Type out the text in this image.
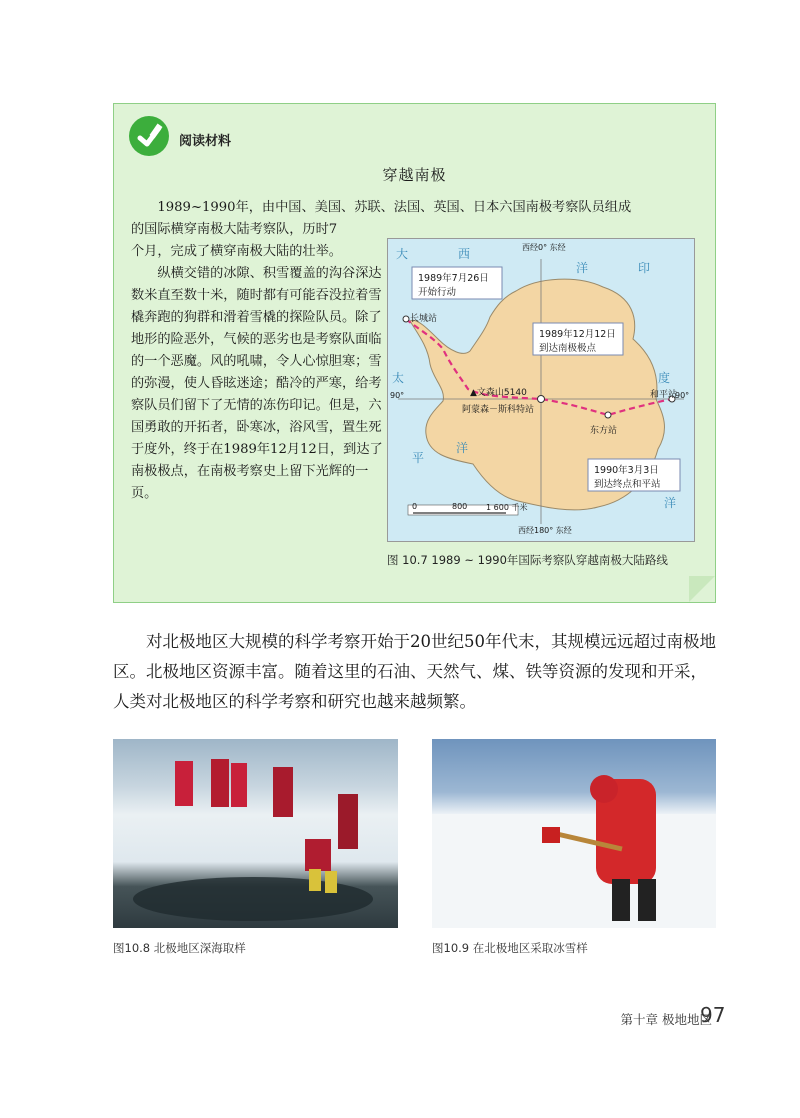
阅读材料
穿越南极

1989~1990年，由中国、美国、苏联、法国、英国、日本六国南极考察队员组成

的国际横穿南极大陆考察队，历时7

个月，完成了横穿南极大陆的壮举。

纵横交错的冰隙、积雪覆盖的沟谷深达数米直至数十米，随时都有可能吞没拉着雪橇奔跑的狗群和滑着雪橇的探险队员。除了地形的险恶外，气候的恶劣也是考察队面临的一个恶魔。风的吼啸，令人心惊胆寒；雪的弥漫，使人昏眩迷途；酷冷的严寒，给考察队员们留下了无情的冻伤印记。但是，六国勇敢的开拓者，卧寒冰，浴风雪，置生死于度外，终于在1989年12月12日，到达了南极极点，在南极考察史上留下光辉的一页。

西经0° 东经
西经180° 东经
90°	90°
大	西
洋	印
太	度
平
洋
洋
长城站
▲文森山5140
阿蒙森－斯科特站
东方站
和平站
1989年7月26日
开始行动
1989年12月12日
到达南极极点
1990年3月3日
到达终点和平站
0	800 1 600 千米
图 10.7 1989 ~ 1990年国际考察队穿越南极大陆路线

对北极地区大规模的科学考察开始于20世纪50年代末，其规模远远超过南极地区。北极地区资源丰富。随着这里的石油、天然气、煤、铁等资源的发现和开采，人类对北极地区的科学考察和研究也越来越频繁。

图10.8 北极地区深海取样	图10.9 在北极地区采取冰雪样
第十章 极地地区
97
